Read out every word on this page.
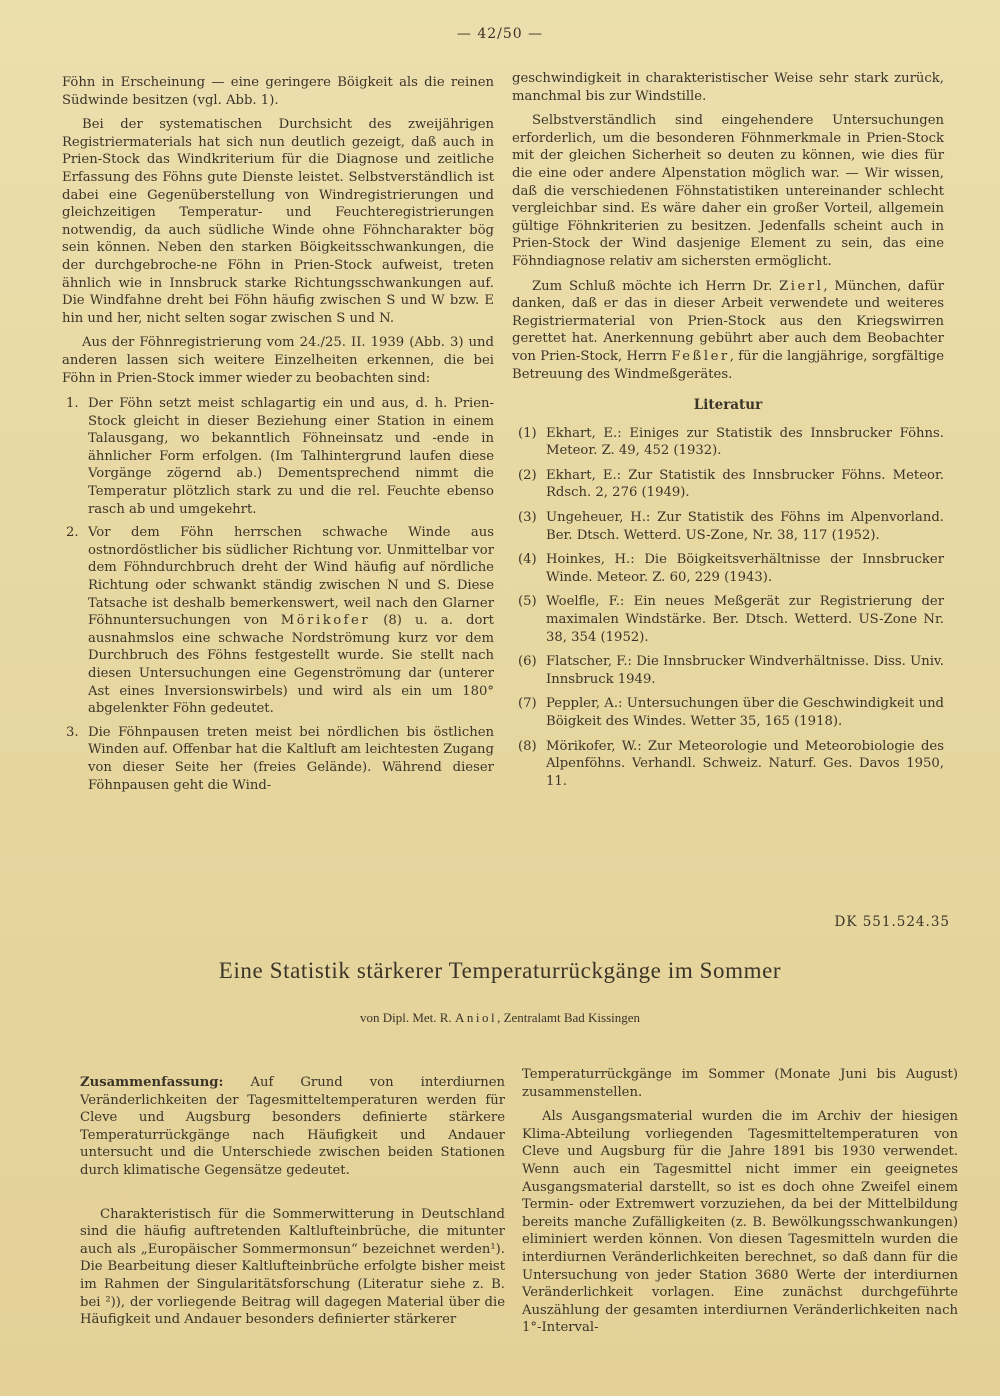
— 42/50 —

Föhn in Erscheinung — eine geringere Böigkeit als die reinen Südwinde besitzen (vgl. Abb. 1).

Bei der systematischen Durchsicht des zweijährigen Registriermaterials hat sich nun deutlich gezeigt, daß auch in Prien-Stock das Windkriterium für die Diagnose und zeitliche Erfassung des Föhns gute Dienste leistet. Selbstverständlich ist dabei eine Gegenüberstellung von Windregistrierungen und gleichzeitigen Temperatur- und Feuchteregistrierungen notwendig, da auch südliche Winde ohne Föhncharakter bög sein können. Neben den starken Böigkeitsschwankungen, die der durchgebroche-ne Föhn in Prien-Stock aufweist, treten ähnlich wie in Innsbruck starke Richtungsschwankungen auf. Die Windfahne dreht bei Föhn häufig zwischen S und W bzw. E hin und her, nicht selten sogar zwischen S und N.

Aus der Föhnregistrierung vom 24./25. II. 1939 (Abb. 3) und anderen lassen sich weitere Einzelheiten erkennen, die bei Föhn in Prien-Stock immer wieder zu beobachten sind:

1. Der Föhn setzt meist schlagartig ein und aus, d. h. Prien-Stock gleicht in dieser Beziehung einer Station in einem Talausgang, wo bekanntlich Föhneinsatz und -ende in ähnlicher Form erfolgen. (Im Talhintergrund laufen diese Vorgänge zögernd ab.) Dementsprechend nimmt die Temperatur plötzlich stark zu und die rel. Feuchte ebenso rasch ab und umgekehrt.
2. Vor dem Föhn herrschen schwache Winde aus ostnordöstlicher bis südlicher Richtung vor. Unmittelbar vor dem Föhndurchbruch dreht der Wind häufig auf nördliche Richtung oder schwankt ständig zwischen N und S. Diese Tatsache ist deshalb bemerkenswert, weil nach den Glarner Föhnuntersuchungen von Mörikofer (8) u. a. dort ausnahmslos eine schwache Nordströmung kurz vor dem Durchbruch des Föhns festgestellt wurde. Sie stellt nach diesen Untersuchungen eine Gegenströmung dar (unterer Ast eines Inversionswirbels) und wird als ein um 180° abgelenkter Föhn gedeutet.
3. Die Föhnpausen treten meist bei nördlichen bis östlichen Winden auf. Offenbar hat die Kaltluft am leichtesten Zugang von dieser Seite her (freies Gelände). Während dieser Föhnpausen geht die Wind-

geschwindigkeit in charakteristischer Weise sehr stark zurück, manchmal bis zur Windstille.

Selbstverständlich sind eingehendere Untersuchungen erforderlich, um die besonderen Föhnmerkmale in Prien-Stock mit der gleichen Sicherheit so deuten zu können, wie dies für die eine oder andere Alpenstation möglich war. — Wir wissen, daß die verschiedenen Föhnstatistiken untereinander schlecht vergleichbar sind. Es wäre daher ein großer Vorteil, allgemein gültige Föhnkriterien zu besitzen. Jedenfalls scheint auch in Prien-Stock der Wind dasjenige Element zu sein, das eine Föhndiagnose relativ am sichersten ermöglicht.

Zum Schluß möchte ich Herrn Dr. Zierl, München, dafür danken, daß er das in dieser Arbeit verwendete und weiteres Registriermaterial von Prien-Stock aus den Kriegswirren gerettet hat. Anerkennung gebührt aber auch dem Beobachter von Prien-Stock, Herrn Feßler, für die langjährige, sorgfältige Betreuung des Windmeßgerätes.

Literatur
(1) Ekhart, E.: Einiges zur Statistik des Innsbrucker Föhns. Meteor. Z. 49, 452 (1932).
(2) Ekhart, E.: Zur Statistik des Innsbrucker Föhns. Meteor. Rdsch. 2, 276 (1949).
(3) Ungeheuer, H.: Zur Statistik des Föhns im Alpenvorland. Ber. Dtsch. Wetterd. US-Zone, Nr. 38, 117 (1952).
(4) Hoinkes, H.: Die Böigkeitsverhältnisse der Innsbrucker Winde. Meteor. Z. 60, 229 (1943).
(5) Woelfle, F.: Ein neues Meßgerät zur Registrierung der maximalen Windstärke. Ber. Dtsch. Wetterd. US-Zone Nr. 38, 354 (1952).
(6) Flatscher, F.: Die Innsbrucker Windverhältnisse. Diss. Univ. Innsbruck 1949.
(7) Peppler, A.: Untersuchungen über die Geschwindigkeit und Böigkeit des Windes. Wetter 35, 165 (1918).
(8) Mörikofer, W.: Zur Meteorologie und Meteorobiologie des Alpenföhns. Verhandl. Schweiz. Naturf. Ges. Davos 1950, 11.
DK 551.524.35
Eine Statistik stärkerer Temperaturrückgänge im Sommer
von Dipl. Met. R. Aniol, Zentralamt Bad Kissingen

Zusammenfassung: Auf Grund von interdiurnen Veränderlichkeiten der Tagesmitteltemperaturen werden für Cleve und Augsburg besonders definierte stärkere Temperaturrückgänge nach Häufigkeit und Andauer untersucht und die Unterschiede zwischen beiden Stationen durch klimatische Gegensätze gedeutet.

Charakteristisch für die Sommerwitterung in Deutschland sind die häufig auftretenden Kaltlufteinbrüche, die mitunter auch als „Europäischer Sommermonsun“ bezeichnet werden¹). Die Bearbeitung dieser Kaltlufteinbrüche erfolgte bisher meist im Rahmen der Singularitätsforschung (Literatur siehe z. B. bei ²)), der vorliegende Beitrag will dagegen Material über die Häufigkeit und Andauer besonders definierter stärkerer

Temperaturrückgänge im Sommer (Monate Juni bis August) zusammenstellen.

Als Ausgangsmaterial wurden die im Archiv der hiesigen Klima-Abteilung vorliegenden Tagesmitteltemperaturen von Cleve und Augsburg für die Jahre 1891 bis 1930 verwendet. Wenn auch ein Tagesmittel nicht immer ein geeignetes Ausgangsmaterial darstellt, so ist es doch ohne Zweifel einem Termin- oder Extremwert vorzuziehen, da bei der Mittelbildung bereits manche Zufälligkeiten (z. B. Bewölkungsschwankungen) eliminiert werden können. Von diesen Tagesmitteln wurden die interdiurnen Veränderlichkeiten berechnet, so daß dann für die Untersuchung von jeder Station 3680 Werte der interdiurnen Veränderlichkeit vorlagen. Eine zunächst durchgeführte Auszählung der gesamten interdiurnen Veränderlichkeiten nach 1°-Interval-
